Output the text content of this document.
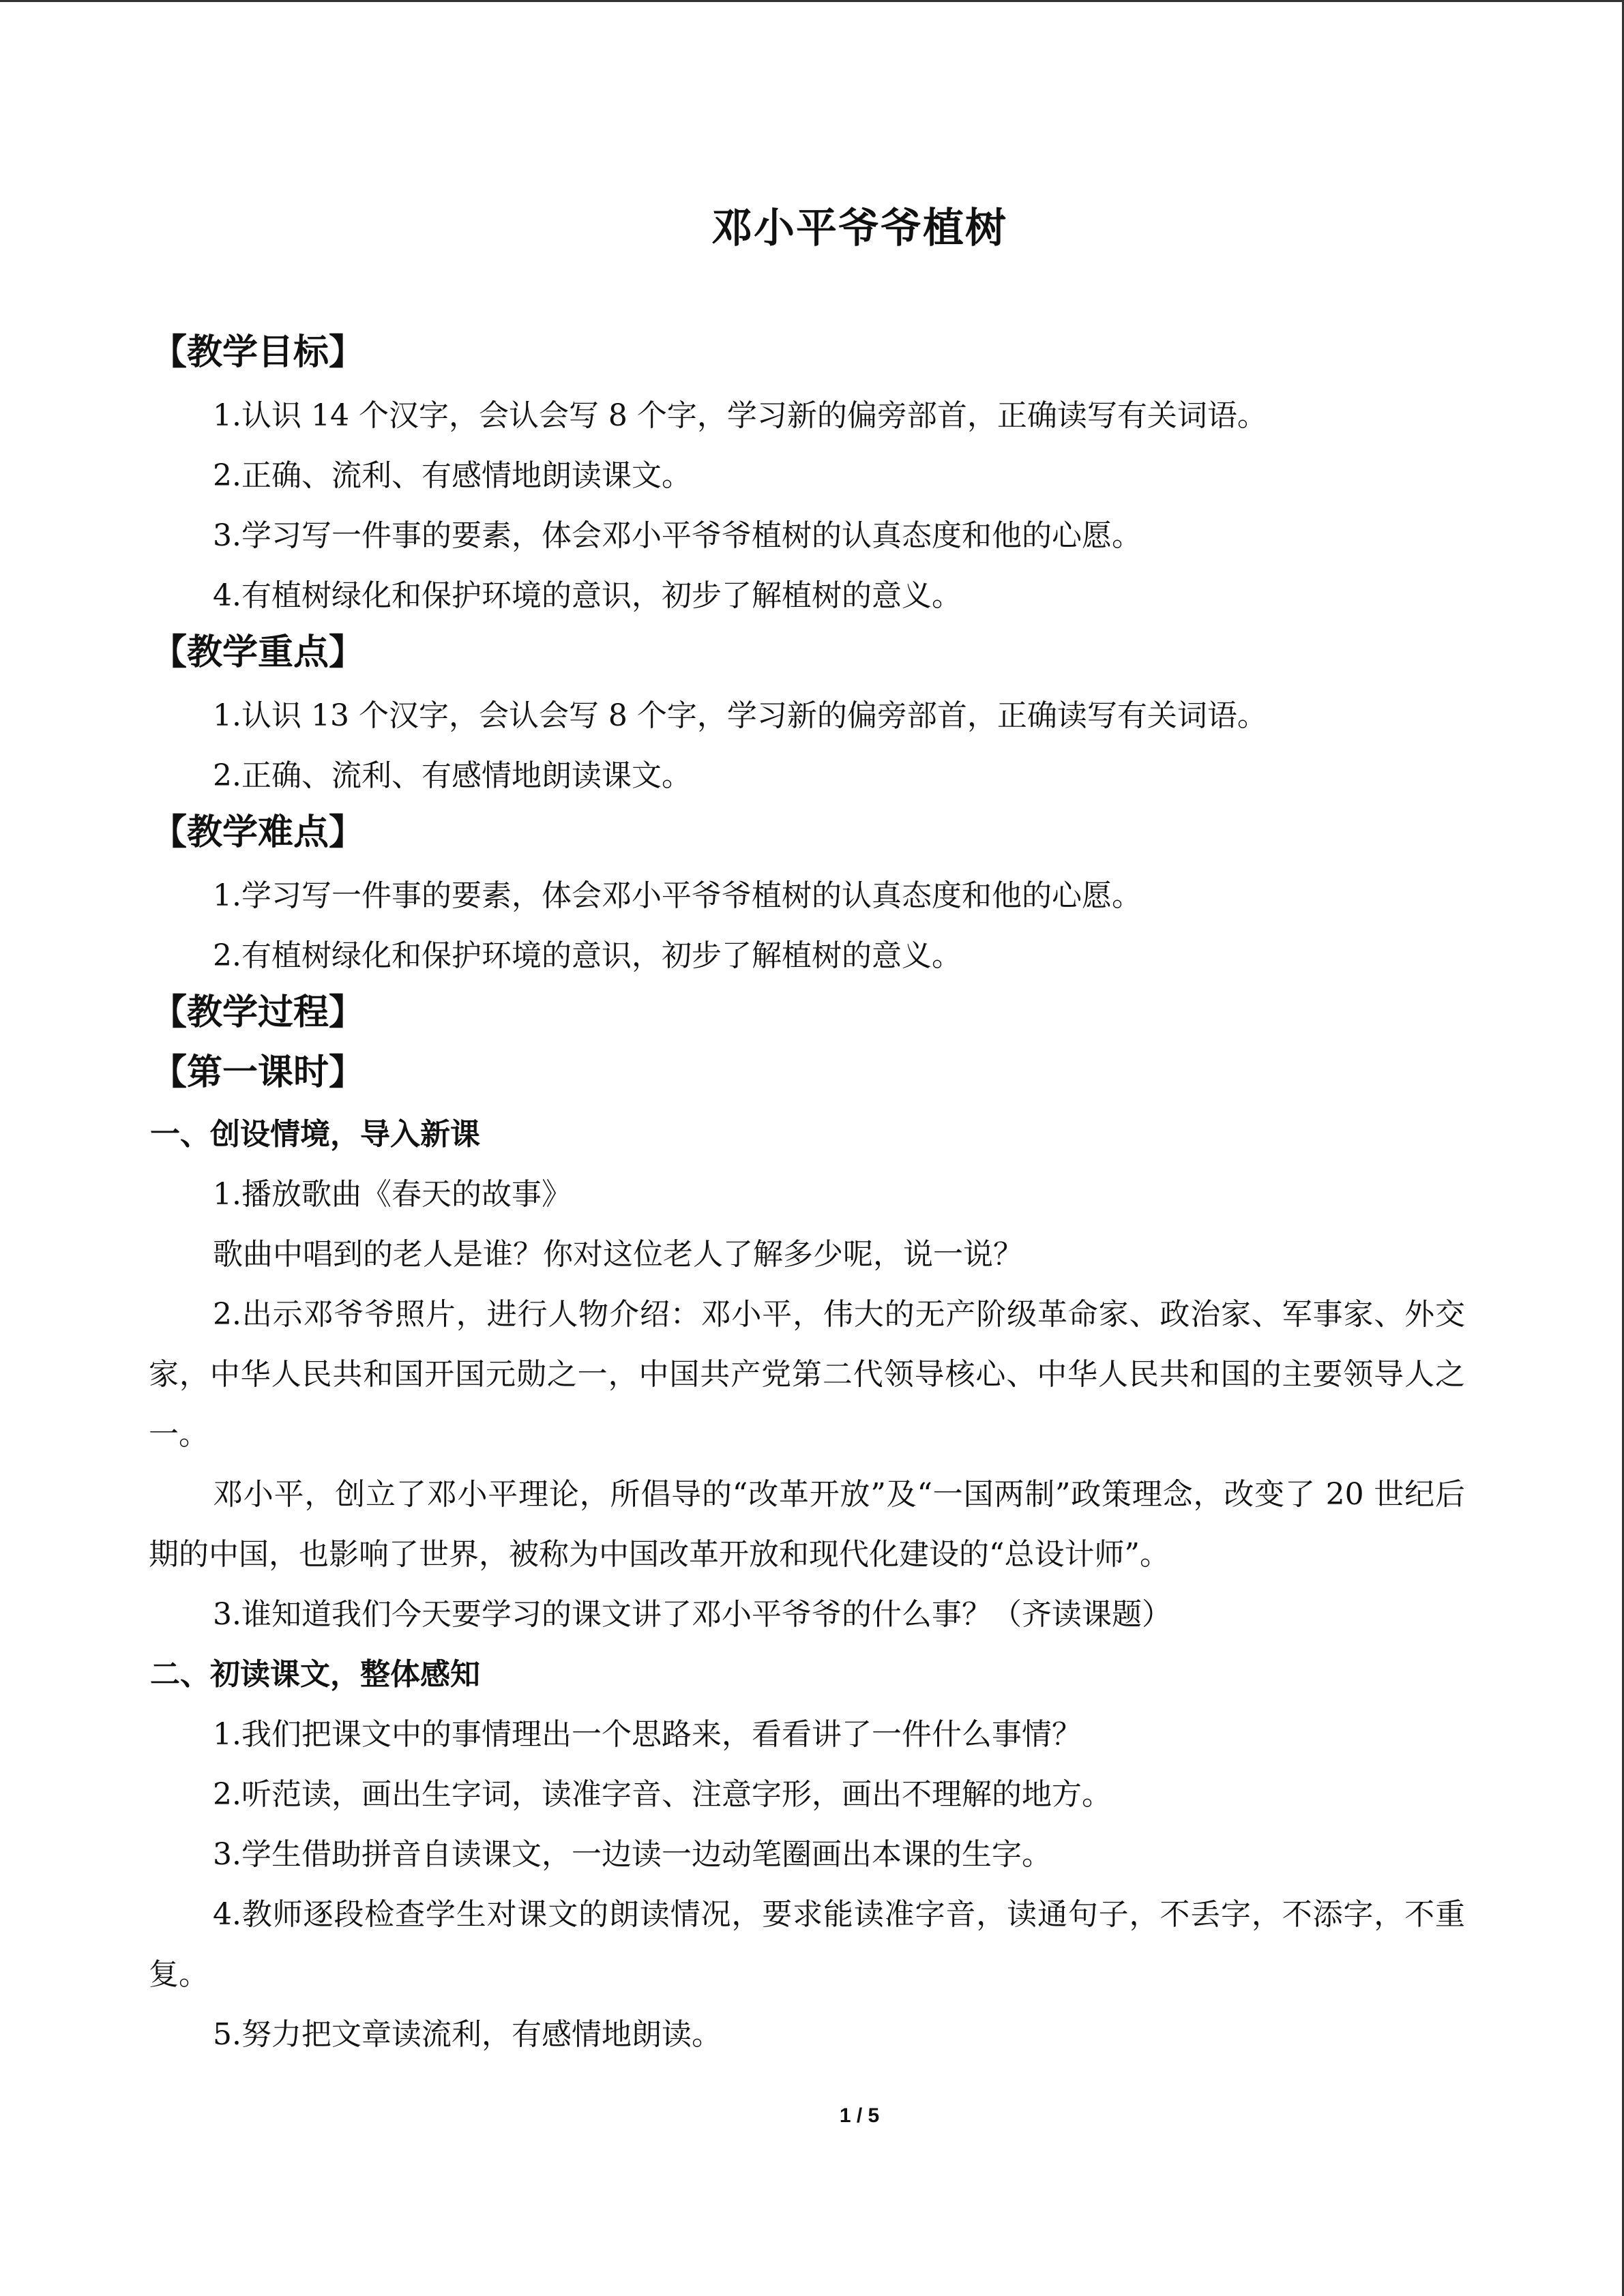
邓小平爷爷植树
【教学目标】
1.认识 14 个汉字，会认会写 8 个字，学习新的偏旁部首，正确读写有关词语。
2.正确、流利、有感情地朗读课文。
3.学习写一件事的要素，体会邓小平爷爷植树的认真态度和他的心愿。
4.有植树绿化和保护环境的意识，初步了解植树的意义。
【教学重点】
1.认识 13 个汉字，会认会写 8 个字，学习新的偏旁部首，正确读写有关词语。
2.正确、流利、有感情地朗读课文。
【教学难点】
1.学习写一件事的要素，体会邓小平爷爷植树的认真态度和他的心愿。
2.有植树绿化和保护环境的意识，初步了解植树的意义。
【教学过程】
【第一课时】
一、创设情境，导入新课
1.播放歌曲《春天的故事》
歌曲中唱到的老人是谁？你对这位老人了解多少呢，说一说？
2.出示邓爷爷照片，进行人物介绍：邓小平，伟大的无产阶级革命家、政治家、军事家、外交家，中华人民共和国开国元勋之一，中国共产党第二代领导核心、中华人民共和国的主要领导人之一。
邓小平，创立了邓小平理论，所倡导的“改革开放”及“一国两制”政策理念，改变了 20 世纪后期的中国，也影响了世界，被称为中国改革开放和现代化建设的“总设计师”。
3.谁知道我们今天要学习的课文讲了邓小平爷爷的什么事？（齐读课题）
二、初读课文，整体感知
1.我们把课文中的事情理出一个思路来，看看讲了一件什么事情？
2.听范读，画出生字词，读准字音、注意字形，画出不理解的地方。
3.学生借助拼音自读课文，一边读一边动笔圈画出本课的生字。
4.教师逐段检查学生对课文的朗读情况，要求能读准字音，读通句子，不丢字，不添字，不重复。
5.努力把文章读流利，有感情地朗读。
1 / 5
